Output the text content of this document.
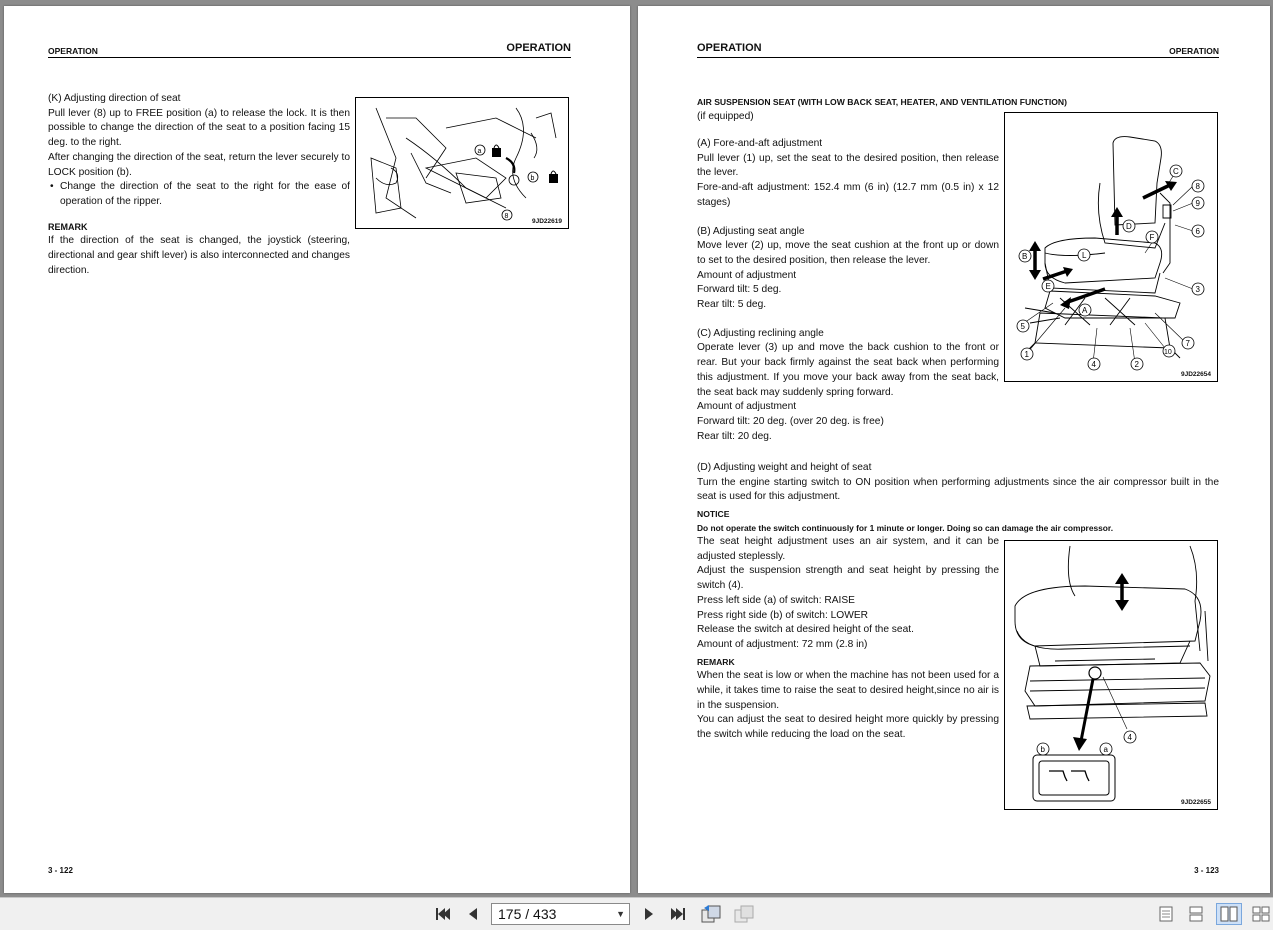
OPERATION	OPERATION

(K) Adjusting direction of seat

Pull lever (8) up to FREE position (a) to release the lock. It is then possible to change the direction of the seat to a position facing 15 deg. to the right.

After changing the direction of the seat, return the lever securely to LOCK position (b).

• Change the direction of the seat to the right for the ease of operation of the ripper.

REMARK

If the direction of the seat is changed, the joystick (steering, directional and gear shift lever) is also interconnected and changes direction.

a
b
8
9JD22619
3 - 122
OPERATION	OPERATION

AIR SUSPENSION SEAT (WITH LOW BACK SEAT, HEATER, AND VENTILATION FUNCTION)

(if equipped)

(A) Fore-and-aft adjustment

Pull lever (1) up, set the seat to the desired position, then release the lever.

Fore-and-aft adjustment: 152.4 mm (6 in) (12.7 mm (0.5 in) x 12 stages)

(B) Adjusting seat angle

Move lever (2) up, move the seat cushion at the front up or down to set to the desired position, then release the lever.

Amount of adjustment

Forward tilt: 5 deg.

Rear tilt: 5 deg.

(C) Adjusting reclining angle

Operate lever (3) up and move the back cushion to the front or rear. But your back firmly against the seat back when performing this adjustment. If you move your back away from the seat back, the seat back may suddenly spring forward.

Amount of adjustment

Forward tilt: 20 deg. (over 20 deg. is free)

Rear tilt: 20 deg.

(D) Adjusting weight and height of seat

Turn the engine starting switch to ON position when performing adjustments since the air compressor built in the seat is used for this adjustment.

NOTICE

Do not operate the switch continuously for 1 minute or longer. Doing so can damage the air compressor.

The seat height adjustment uses an air system, and it can be adjusted steplessly.

Adjust the suspension strength and seat height by pressing the switch (4).

Press left side (a) of switch: RAISE

Press right side (b) of switch: LOWER

Release the switch at desired height of the seat.

Amount of adjustment: 72 mm (2.8 in)

REMARK

When the seat is low or when the machine has not been used for a while, it takes time to raise the seat to desired height,since no air is in the suspension.

You can adjust the seat to desired height more quickly by pressing the switch while reducing the load on the seat.

C
8
9
6
D
F
B	L
E
A
3
5
1
7
10
2
4
9JD22654
b	a
4
9JD22655
3 - 123
175 / 433	▼
